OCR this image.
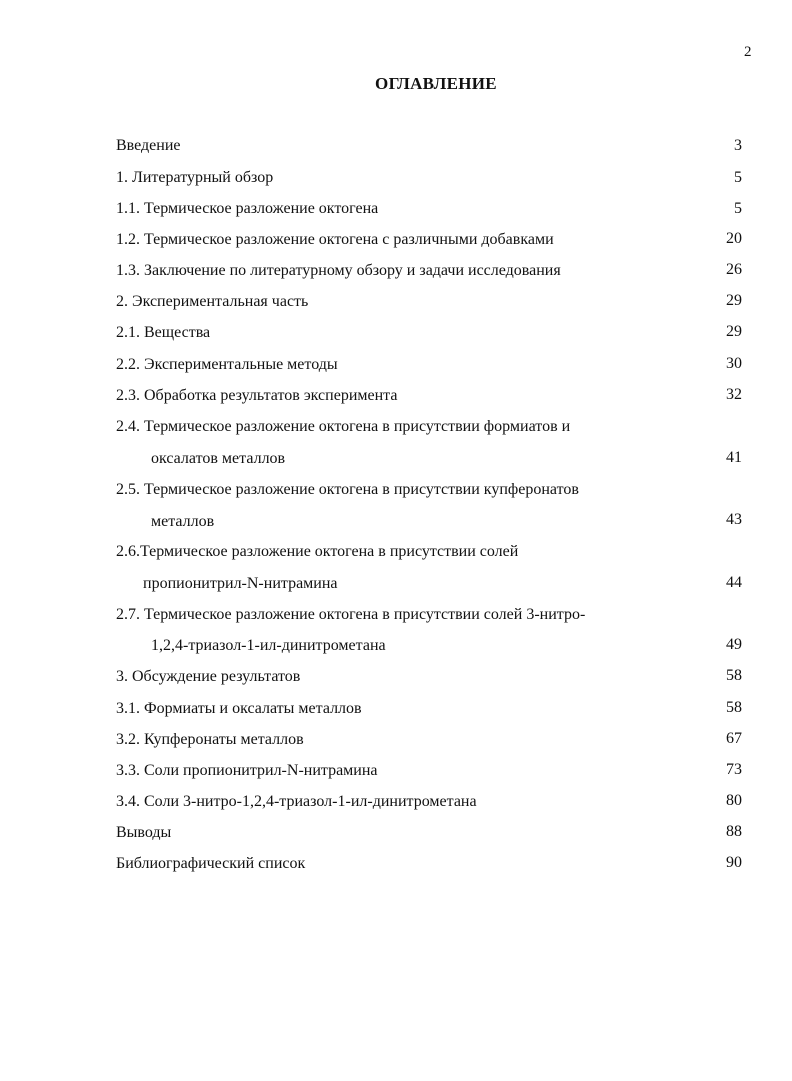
2
ОГЛАВЛЕНИЕ
Введение	3
1. Литературный обзор	5
1.1. Термическое разложение октогена	5
1.2. Термическое разложение октогена с различными добавками	20
1.3. Заключение по литературному обзору и задачи исследования	26
2. Экспериментальная часть	29
2.1. Вещества	29
2.2. Экспериментальные методы	30
2.3. Обработка результатов эксперимента	32
2.4. Термическое разложение октогена в присутствии формиатов и
оксалатов металлов	41
2.5. Термическое разложение октогена в присутствии купферонатов
металлов	43
2.6.Термическое разложение октогена в присутствии солей
пропионитрил-N-нитрамина	44
2.7. Термическое разложение октогена в присутствии солей 3-нитро-
1,2,4-триазол-1-ил-динитрометана	49
3. Обсуждение результатов	58
3.1. Формиаты и оксалаты металлов	58
3.2. Купферонаты металлов	67
3.3. Соли пропионитрил-N-нитрамина	73
3.4. Соли 3-нитро-1,2,4-триазол-1-ил-динитрометана	80
Выводы	88
Библиографический список	90
